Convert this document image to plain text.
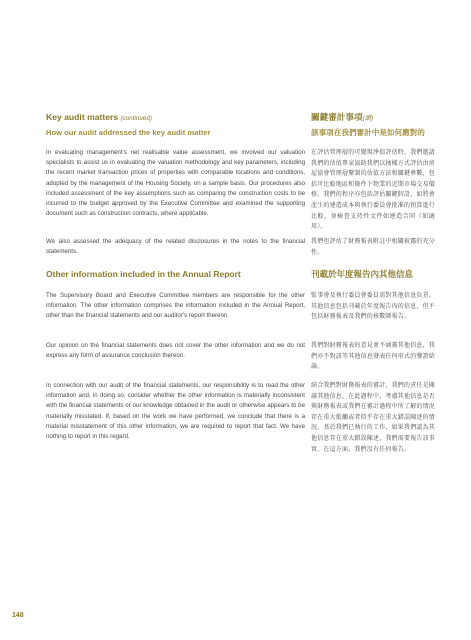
Key audit matters (continued)	關鍵審計事項(續)
How our audit addressed the key audit matter	該事項在我們審計中是如何應對的

In evaluating management's net realisable value assessment, we involved our valuation specialists to assist us in evaluating the valuation methodology and key parameters, including the recent market transaction prices of properties with comparable locations and conditions, adopted by the management of the Housing Society, on a sample basis. Our procedures also included assessment of the key assumptions such as comparing the construction costs to be incurred to the budget approved by the Executive Committee and examined the supporting document such as construction contracts, where applicable.

在評估管理層的可變現淨值評估時，我們邀請我們的估值專家協助我們以抽樣方式評估由房屋協會管理層釐制的估值方法和關鍵參數，包括可比較地區和條件下物業的近期市場交易價格。我們的程序亦包括評估關鍵假設，如將會產生的建造成本與執行委員會批准的預算進行比較，並檢查支持性文件如建造合同（如適用）。

We also assessed the adequacy of the related disclosures in the notes to the financial statements.

我們也評估了財務報表附註中相關披露的充分性。

Other information included in the Annual Report	刊載於年度報告內其他信息

The Supervisory Board and Executive Committee members are responsible for the other information. The other information comprises the information included in the Annual Report, other than the financial statements and our auditor's report thereon.

監事會及執行委員會委員需對其他信息負責。其他信息包括刊載於年度報告內的信息，但不包括財務報表及我們的核數師報告。

Our opinion on the financial statements does not cover the other information and we do not express any form of assurance conclusion thereon.

我們對財務報表的意見並不涵蓋其他信息，我們亦不對該等其他信息發表任何形式的鑒證結論。

In connection with our audit of the financial statements, our responsibility is to read the other information and, in doing so, consider whether the other information is materially inconsistent with the financial statements or our knowledge obtained in the audit or otherwise appears to be materially misstated. If, based on the work we have performed, we conclude that there is a material misstatement of this other information, we are required to report that fact. We have nothing to report in this regard.

結合我們對財務報表的審計，我們的責任是閱讀其他信息，在此過程中，考慮其他信息是否與財務報表或我們在審計過程中所了解的情況存在重大抵觸或者似乎存在重大錯誤陳述的情況。基於我們已執行的工作，如果我們認為其他信息存在重大錯誤陳述，我們需要報告該事實。在這方面，我們沒有任何報告。

148
